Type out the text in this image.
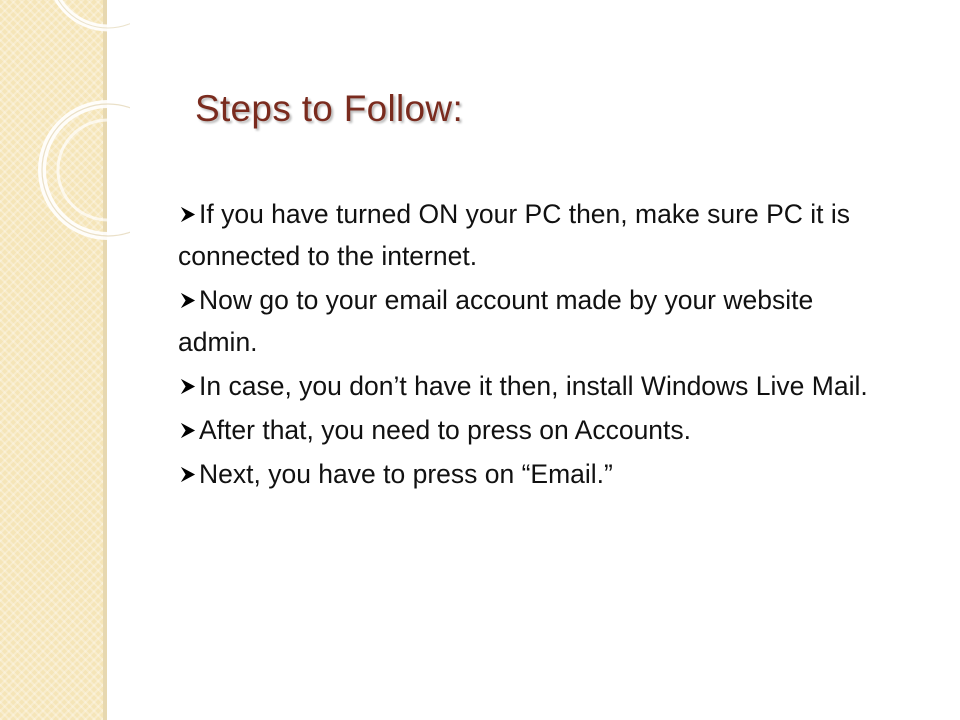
Steps to Follow:
If you have turned ON your PC then, make sure PC it is connected to the internet.
Now go to your email account made by your website admin.
In case, you don’t have it then, install Windows Live Mail.
After that, you need to press on Accounts.
Next, you have to press on “Email.”
